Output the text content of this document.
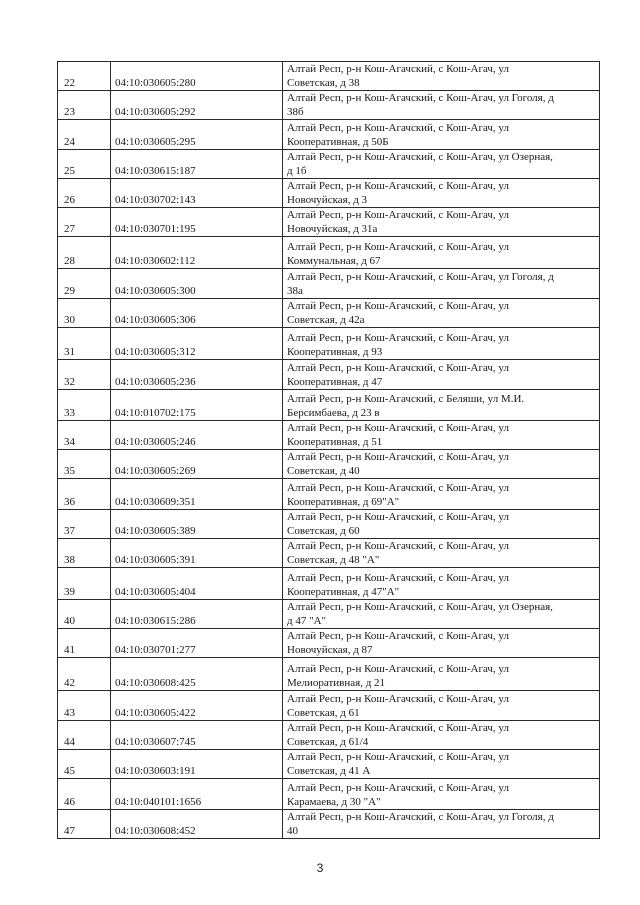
22	04:10:030605:280	Алтай Респ, р-н Кош-Агачский, с Кош-Агач, ул
Советская, д 38

23	04:10:030605:292	Алтай Респ, р-н Кош-Агачский, с Кош-Агач, ул Гоголя, д
38б

24	04:10:030605:295	Алтай Респ, р-н Кош-Агачский, с Кош-Агач, ул
Кооперативная, д 50Б

25	04:10:030615:187	Алтай Респ, р-н Кош-Агачский, с Кош-Агач, ул Озерная,
д 1б

26	04:10:030702:143	Алтай Респ, р-н Кош-Агачский, с Кош-Агач, ул
Новочуйская, д 3

27	04:10:030701:195	Алтай Респ, р-н Кош-Агачский, с Кош-Агач, ул
Новочуйская, д 31а

28	04:10:030602:112	Алтай Респ, р-н Кош-Агачский, с Кош-Агач, ул
Коммунальная, д 67

29	04:10:030605:300	Алтай Респ, р-н Кош-Агачский, с Кош-Агач, ул Гоголя, д
38а

30	04:10:030605:306	Алтай Респ, р-н Кош-Агачский, с Кош-Агач, ул
Советская, д 42а

31	04:10:030605:312	Алтай Респ, р-н Кош-Агачский, с Кош-Агач, ул
Кооперативная, д 93

32	04:10:030605:236	Алтай Респ, р-н Кош-Агачский, с Кош-Агач, ул
Кооперативная, д 47

33	04:10:010702:175	Алтай Респ, р-н Кош-Агачский, с Беляши, ул М.И.
Берсимбаева, д 23 в

34	04:10:030605:246	Алтай Респ, р-н Кош-Агачский, с Кош-Агач, ул
Кооперативная, д 51

35	04:10:030605:269	Алтай Респ, р-н Кош-Агачский, с Кош-Агач, ул
Советская, д 40

36	04:10:030609:351	Алтай Респ, р-н Кош-Агачский, с Кош-Агач, ул
Кооперативная, д 69"А"

37	04:10:030605:389	Алтай Респ, р-н Кош-Агачский, с Кош-Агач, ул
Советская, д 60

38	04:10:030605:391	Алтай Респ, р-н Кош-Агачский, с Кош-Агач, ул
Советская, д 48 "А"

39	04:10:030605:404	Алтай Респ, р-н Кош-Агачский, с Кош-Агач, ул
Кооперативная, д 47"А"

40	04:10:030615:286	Алтай Респ, р-н Кош-Агачский, с Кош-Агач, ул Озерная,
д 47 "А"

41	04:10:030701:277	Алтай Респ, р-н Кош-Агачский, с Кош-Агач, ул
Новочуйская, д 87

42	04:10:030608:425	Алтай Респ, р-н Кош-Агачский, с Кош-Агач, ул
Мелиоративная, д 21

43	04:10:030605:422	Алтай Респ, р-н Кош-Агачский, с Кош-Агач, ул
Советская, д 61

44	04:10:030607:745	Алтай Респ, р-н Кош-Агачский, с Кош-Агач, ул
Советская, д 61/4

45	04:10:030603:191	Алтай Респ, р-н Кош-Агачский, с Кош-Агач, ул
Советская, д 41 А

46	04:10:040101:1656	Алтай Респ, р-н Кош-Агачский, с Кош-Агач, ул
Карамаева, д 30 "А"

47	04:10:030608:452	Алтай Респ, р-н Кош-Агачский, с Кош-Агач, ул Гоголя, д
40
3
